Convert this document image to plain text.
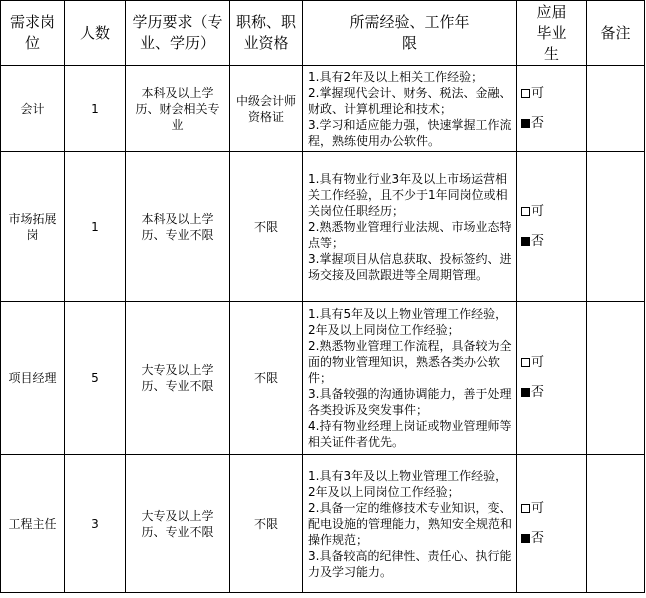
需求岗位	人数	学历要求（专业、学历）	职称、职业资格	所需经验、工作年限	应届毕业生	备注

会计	1	本科及以上学历、财会相关专业	中级会计师资格证	1.具有2年及以上相关工作经验；
2.掌握现代会计、财务、税法、金融、财政、计算机理论和技术；
3.学习和适应能力强，快速掌握工作流程，熟练使用办公软件。	可
否	

市场拓展岗	1	本科及以上学历、专业不限	不限	1.具有物业行业3年及以上市场运营相关工作经验，且不少于1年同岗位或相关岗位任职经历；
2.熟悉物业管理行业法规、市场业态特点等；
3.掌握项目从信息获取、投标签约、进场交接及回款跟进等全周期管理。	可
否	

项目经理	5	大专及以上学历、专业不限	不限	1.具有5年及以上物业管理工作经验，2年及以上同岗位工作经验；
2.熟悉物业管理工作流程，具备较为全面的物业管理知识，熟悉各类办公软件；
3.具备较强的沟通协调能力，善于处理各类投诉及突发事件；
4.持有物业经理上岗证或物业管理师等相关证件者优先。	可
否	

工程主任	3	大专及以上学历、专业不限	不限	1.具有3年及以上物业管理工作经验，2年及以上同岗位工作经验；
2.具备一定的维修技术专业知识，变、配电设施的管理能力，熟知安全规范和操作规范；
3.具备较高的纪律性、责任心、执行能力及学习能力。	可
否	
